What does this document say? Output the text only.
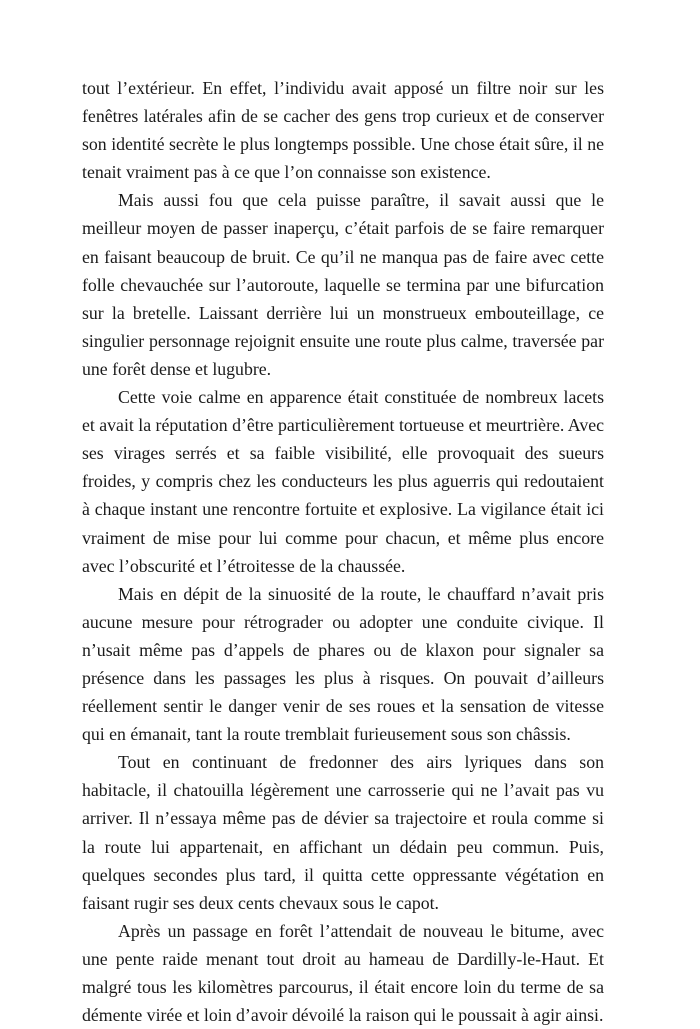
tout l’extérieur. En effet, l’individu avait apposé un filtre noir sur les fenêtres latérales afin de se cacher des gens trop curieux et de conserver son identité secrète le plus longtemps possible. Une chose était sûre, il ne tenait vraiment pas à ce que l’on connaisse son existence.

Mais aussi fou que cela puisse paraître, il savait aussi que le meilleur moyen de passer inaperçu, c’était parfois de se faire remarquer en faisant beaucoup de bruit. Ce qu’il ne manqua pas de faire avec cette folle chevauchée sur l’autoroute, laquelle se termina par une bifurcation sur la bretelle. Laissant derrière lui un monstrueux embouteillage, ce singulier personnage rejoignit ensuite une route plus calme, traversée par une forêt dense et lugubre.

Cette voie calme en apparence était constituée de nombreux lacets et avait la réputation d’être particulièrement tortueuse et meurtrière. Avec ses virages serrés et sa faible visibilité, elle provoquait des sueurs froides, y compris chez les conducteurs les plus aguerris qui redoutaient à chaque instant une rencontre fortuite et explosive. La vigilance était ici vraiment de mise pour lui comme pour chacun, et même plus encore avec l’obscurité et l’étroitesse de la chaussée.

Mais en dépit de la sinuosité de la route, le chauffard n’avait pris aucune mesure pour rétrograder ou adopter une conduite civique. Il n’usait même pas d’appels de phares ou de klaxon pour signaler sa présence dans les passages les plus à risques. On pouvait d’ailleurs réellement sentir le danger venir de ses roues et la sensation de vitesse qui en émanait, tant la route tremblait furieusement sous son châssis.

Tout en continuant de fredonner des airs lyriques dans son habitacle, il chatouilla légèrement une carrosserie qui ne l’avait pas vu arriver. Il n’essaya même pas de dévier sa trajectoire et roula comme si la route lui appartenait, en affichant un dédain peu commun. Puis, quelques secondes plus tard, il quitta cette oppressante végétation en faisant rugir ses deux cents chevaux sous le capot.

Après un passage en forêt l’attendait de nouveau le bitume, avec une pente raide menant tout droit au hameau de Dardilly-le-Haut. Et malgré tous les kilomètres parcourus, il était encore loin du terme de sa démente virée et loin d’avoir dévoilé la raison qui le poussait à agir ainsi.
